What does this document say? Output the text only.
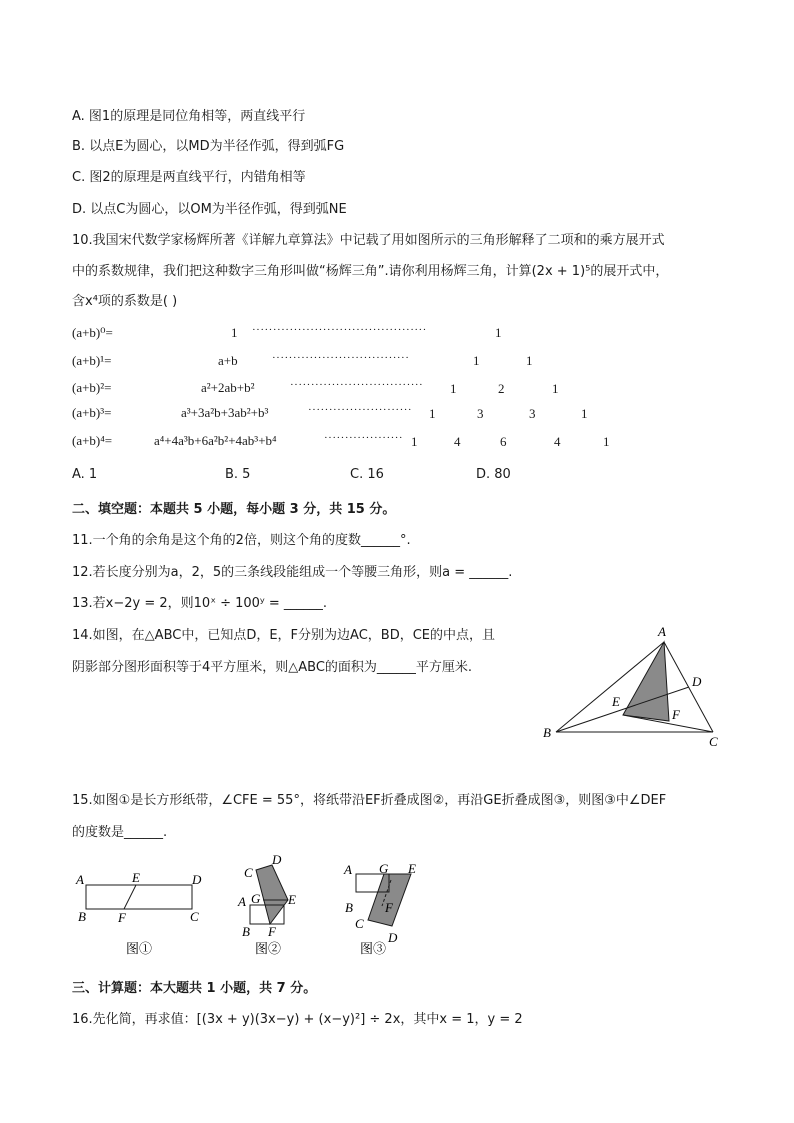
A. 图1的原理是同位角相等，两直线平行
B. 以点E为圆心，以MD为半径作弧，得到弧FG
C. 图2的原理是两直线平行，内错角相等
D. 以点C为圆心，以OM为半径作弧，得到弧NE
10.我国宋代数学家杨辉所著《详解九章算法》中记载了用如图所示的三角形解释了二项和的乘方展开式
中的系数规律，我们把这种数字三角形叫做“杨辉三角”.请你利用杨辉三角，计算(2x + 1)⁵的展开式中，
含x⁴项的系数是( )
(a+b)⁰=	1 ··········································	1
(a+b)¹=	a+b	·································	1	1
(a+b)²=	a²+2ab+b²	································ 1	2	1
(a+b)³=	a³+3a²b+3ab²+b³	························· 1	3	3	1
(a+b)⁴=	a⁴+4a³b+6a²b²+4ab³+b⁴	··················· 1	4	6	4	1
A. 1	B. 5	C. 16	D. 80
二、填空题：本题共 5 小题，每小题 3 分，共 15 分。
11.一个角的余角是这个角的2倍，则这个角的度数______°.
12.若长度分别为a，2，5的三条线段能组成一个等腰三角形，则a = ______.
13.若x−2y = 2，则10ˣ ÷ 100ʸ = ______.
14.如图，在△ABC中，已知点D，E，F分别为边AC，BD，CE的中点，且
阴影部分图形面积等于4平方厘米，则△ABC的面积为______平方厘米.
A
B
C
D
E
F
15.如图①是长方形纸带，∠CFE = 55°，将纸带沿EF折叠成图②，再沿GE折叠成图③，则图③中∠DEF
的度数是______.
A
B	C
D
E
F
图①
C
D
A G E
B F
图②
A G E
B F
C
D
图③
三、计算题：本大题共 1 小题，共 7 分。
16.先化简，再求值：[(3x + y)(3x−y) + (x−y)²] ÷ 2x，其中x = 1，y = 2
